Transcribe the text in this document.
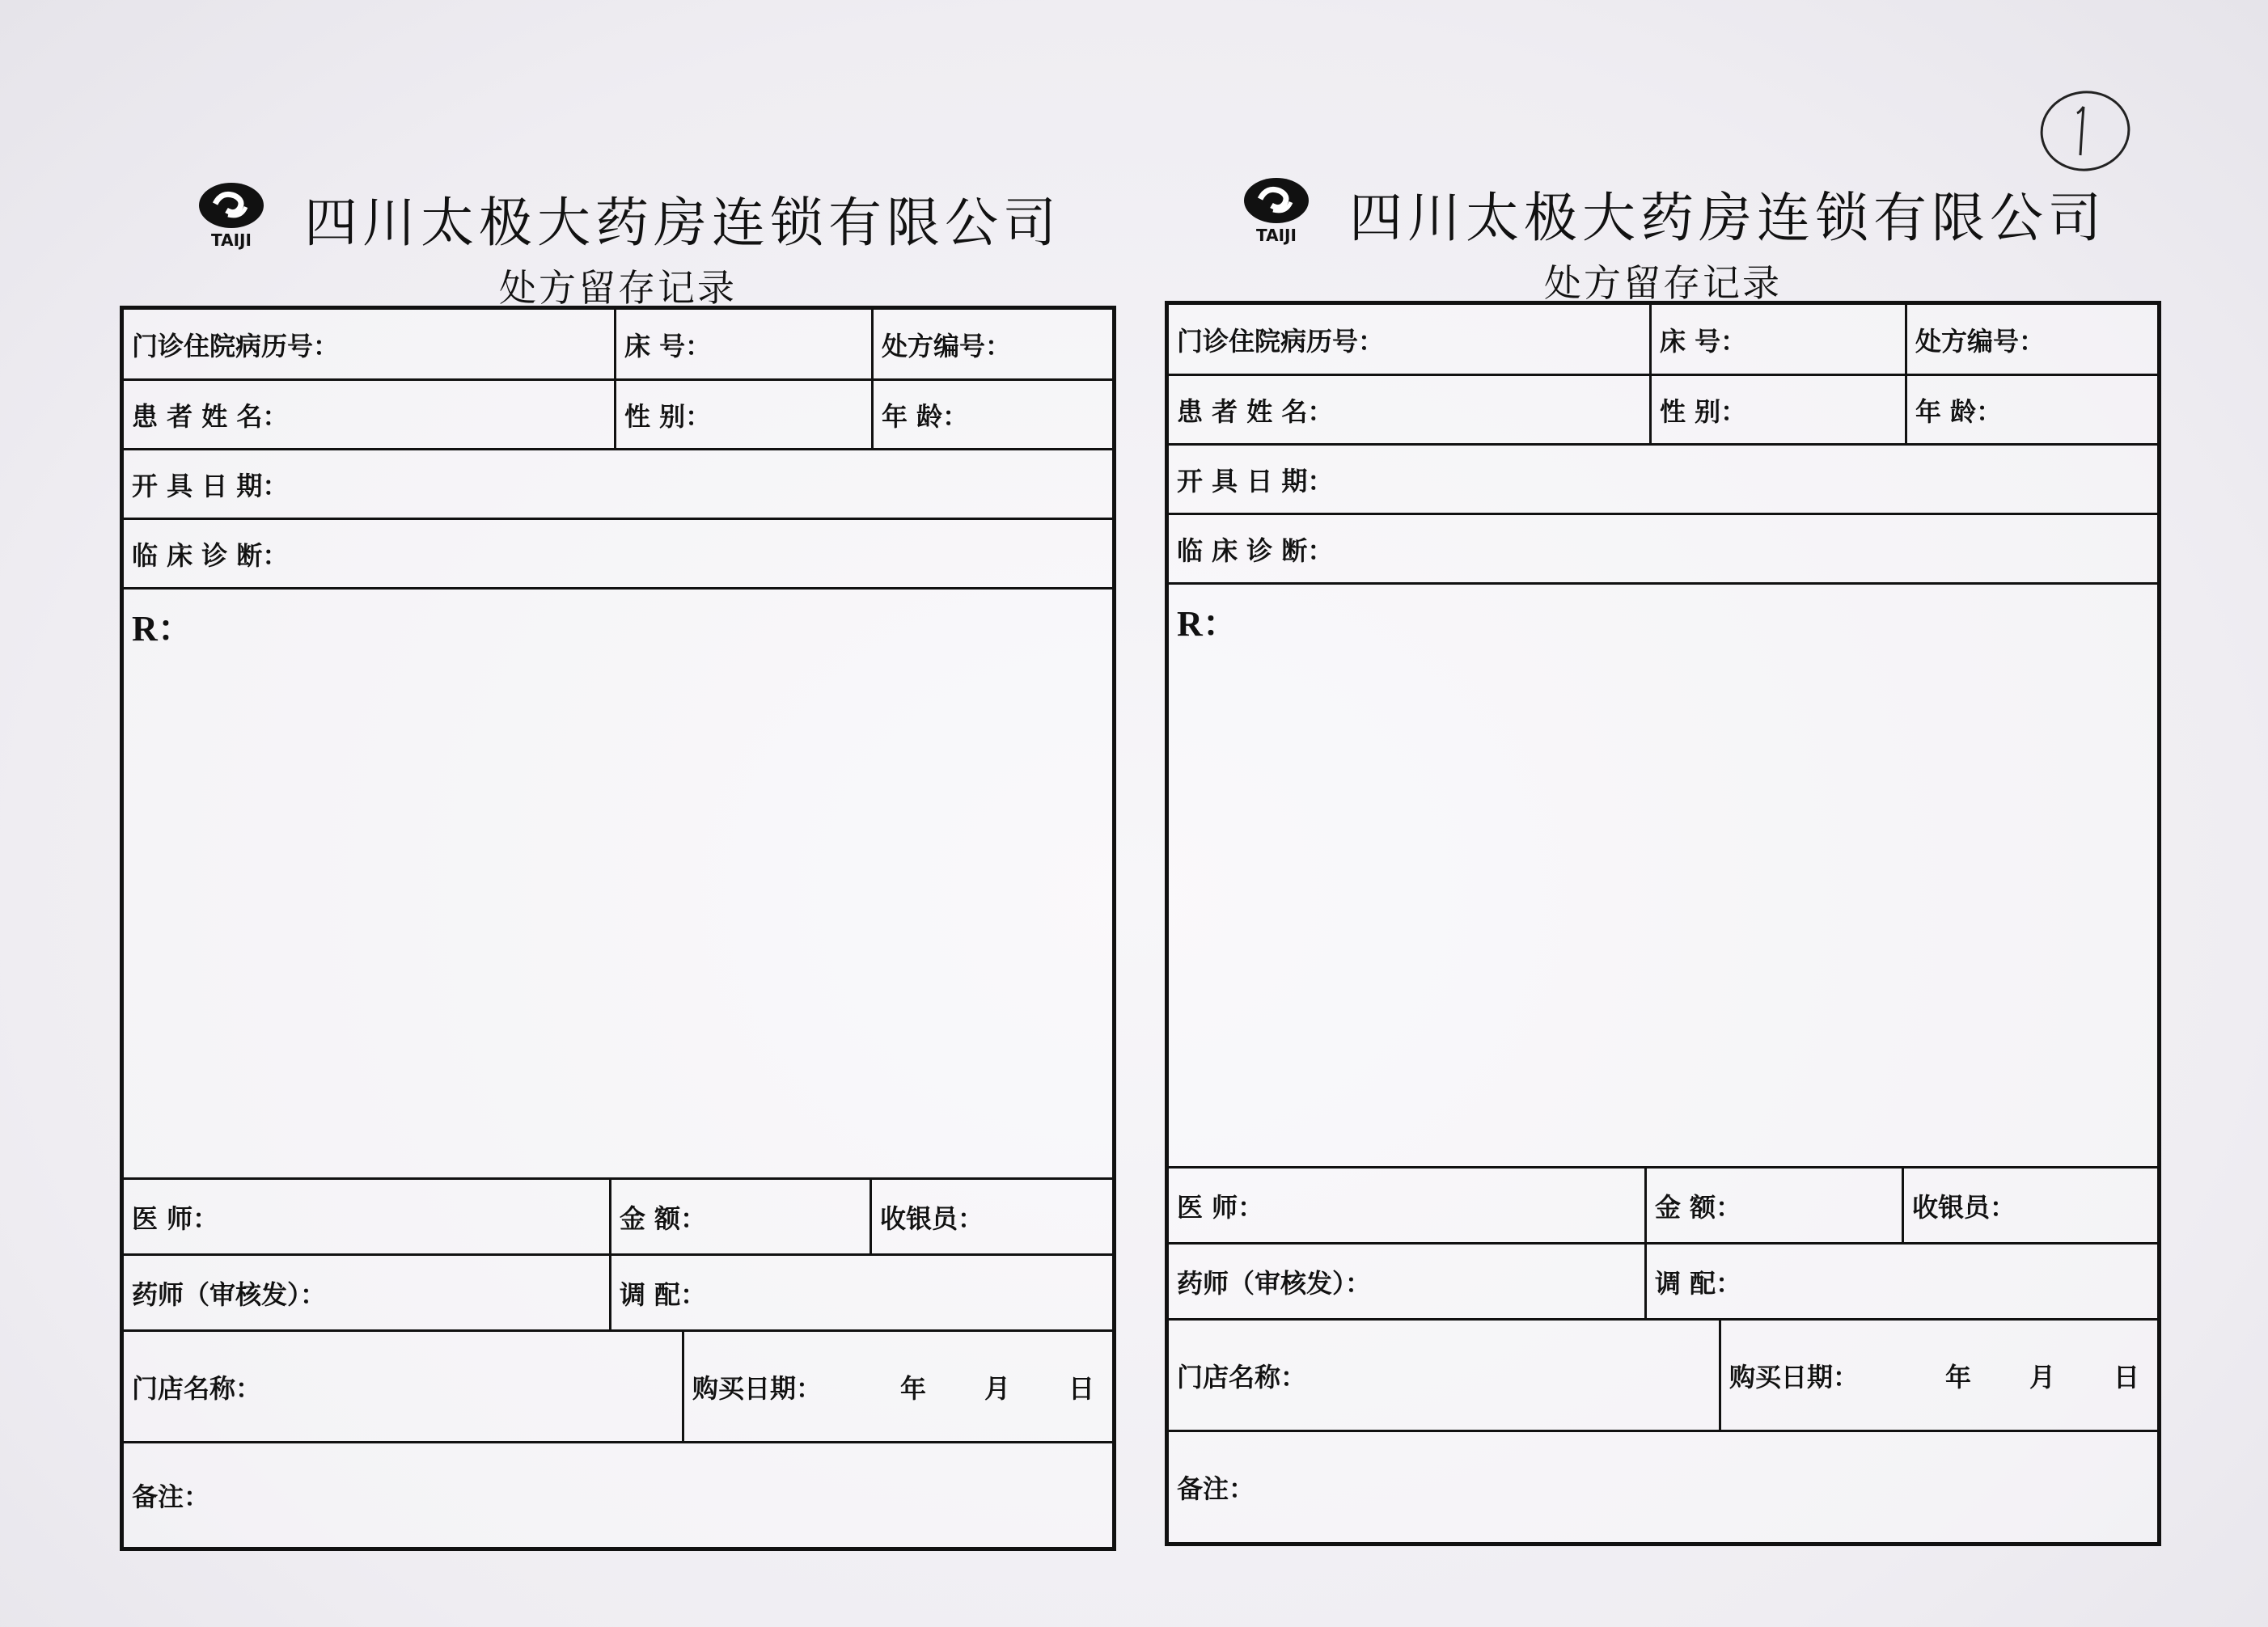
TAIJI 四川太极大药房连锁有限公司
处方留存记录
门诊住院病历号：	床 号：	处方编号：
患 者 姓 名：	性 别：	年 龄：
开 具 日 期：
临 床 诊 断：
R：
医 师：	金 额：	收银员：
药师（审核发）：	调 配：
门店名称：	购买日期：	年 月 日
备注：
TAIJI 四川太极大药房连锁有限公司
处方留存记录
门诊住院病历号：	床 号：	处方编号：
患 者 姓 名：	性 别：	年 龄：
开 具 日 期：
临 床 诊 断：
R：
医 师：	金 额：	收银员：
药师（审核发）：	调 配：
门店名称：	购买日期：	年 月 日
备注：
